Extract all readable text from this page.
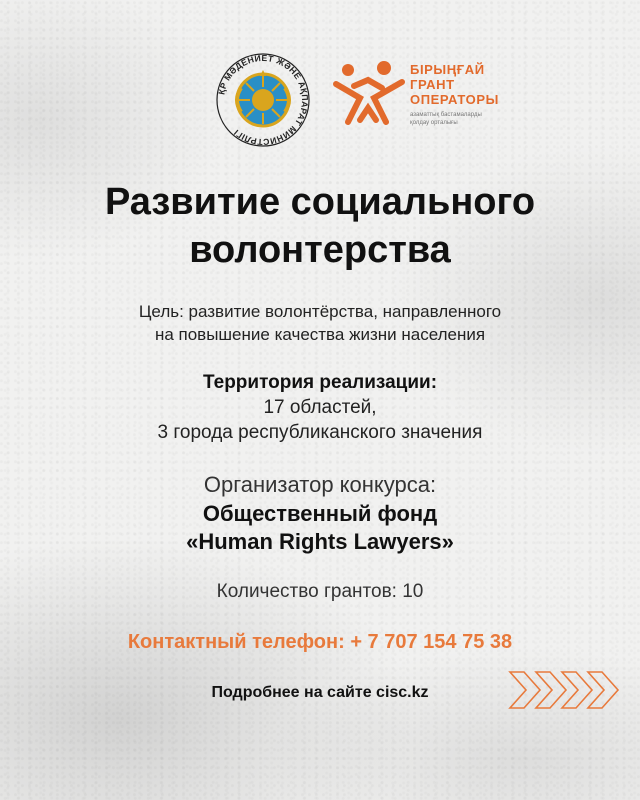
ҚР МӘДЕНИЕТ ЖӘНЕ АҚПАРАТ МИНИСТРЛІГІ
БІРЫҢҒАЙ
ГРАНТ
ОПЕРАТОРЫ
азаматтық бастамаларды
қолдау орталығы
Развитие социального
волонтерства
Цель: развитие волонтёрства, направленного
на повышение качества жизни населения
Территория реализации:
17 областей,
3 города республиканского значения
Организатор конкурса:
Общественный фонд
«Human Rights Lawyers»
Количество грантов: 10
Контактный телефон: + 7 707 154 75 38
Подробнее на сайте cisc.kz
